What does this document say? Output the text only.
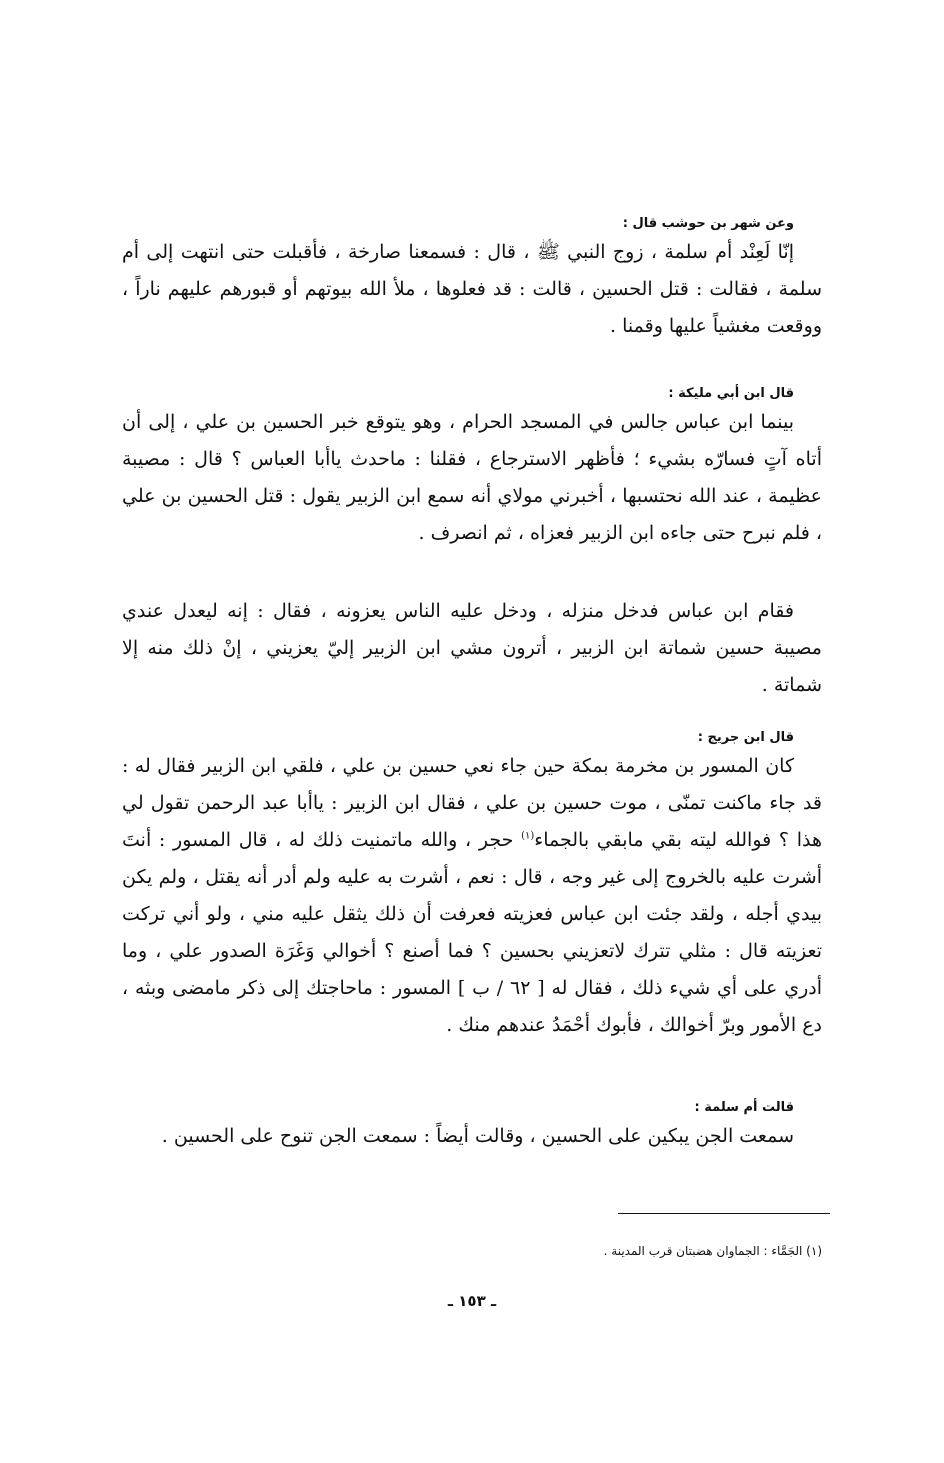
وعن شهر بن حوشب قال :

إنّا لَعِنْد أم سلمة ، زوج النبي ﷺ ، قال : فسمعنا صارخة ، فأقبلت حتى انتهت إلى أم سلمة ، فقالت : قتل الحسين ، قالت : قد فعلوها ، ملأ الله بيوتهم أو قبورهم عليهم ناراً ، ووقعت مغشياً عليها وقمنا .

قال ابن أبي مليكة :

بينما ابن عباس جالس في المسجد الحرام ، وهو يتوقع خبر الحسين بن علي ، إلى أن أتاه آتٍ فسارّه بشيء ؛ فأظهر الاسترجاع ، فقلنا : ماحدث ياأبا العباس ؟ قال : مصيبة عظيمة ، عند الله نحتسبها ، أخبرني مولاي أنه سمع ابن الزبير يقول : قتل الحسين بن علي ، فلم نبرح حتى جاءه ابن الزبير فعزاه ، ثم انصرف .

فقام ابن عباس فدخل منزله ، ودخل عليه الناس يعزونه ، فقال : إنه ليعدل عندي مصيبة حسين شماتة ابن الزبير ، أترون مشي ابن الزبير إليّ يعزيني ، إنْ ذلك منه إلا شماتة .

قال ابن جريج :

كان المسور بن مخرمة بمكة حين جاء نعي حسين بن علي ، فلقي ابن الزبير فقال له : قد جاء ماكنت تمنّى ، موت حسين بن علي ، فقال ابن الزبير : ياأبا عبد الرحمن تقول لي هذا ؟ فوالله ليته بقي مابقي بالجماء$^{(١)}$ حجر ، والله ماتمنيت ذلك له ، قال المسور : أنتَ أشرت عليه بالخروج إلى غير وجه ، قال : نعم ، أشرت به عليه ولم أدر أنه يقتل ، ولم يكن بيدي أجله ، ولقد جئت ابن عباس فعزيته فعرفت أن ذلك يثقل عليه مني ، ولو أني تركت تعزيته قال : مثلي تترك لاتعزيني بحسين ؟ فما أصنع ؟ أخوالي وَغَرَة الصدور علي ، وما أدري على أي شيء ذلك ، فقال له [ ٦٢ / ب ] المسور : ماحاجتك إلى ذكر مامضى وبثه ، دع الأمور وبرّ أخوالك ، فأبوك أحْمَدُ عندهم منك .

قالت أم سلمة :

سمعت الجن يبكين على الحسين ، وقالت أيضاً : سمعت الجن تنوح على الحسين .

(١) الجَمَّاء : الجماوان هضبتان قرب المدينة .
ـ ١٥٣ ـ
